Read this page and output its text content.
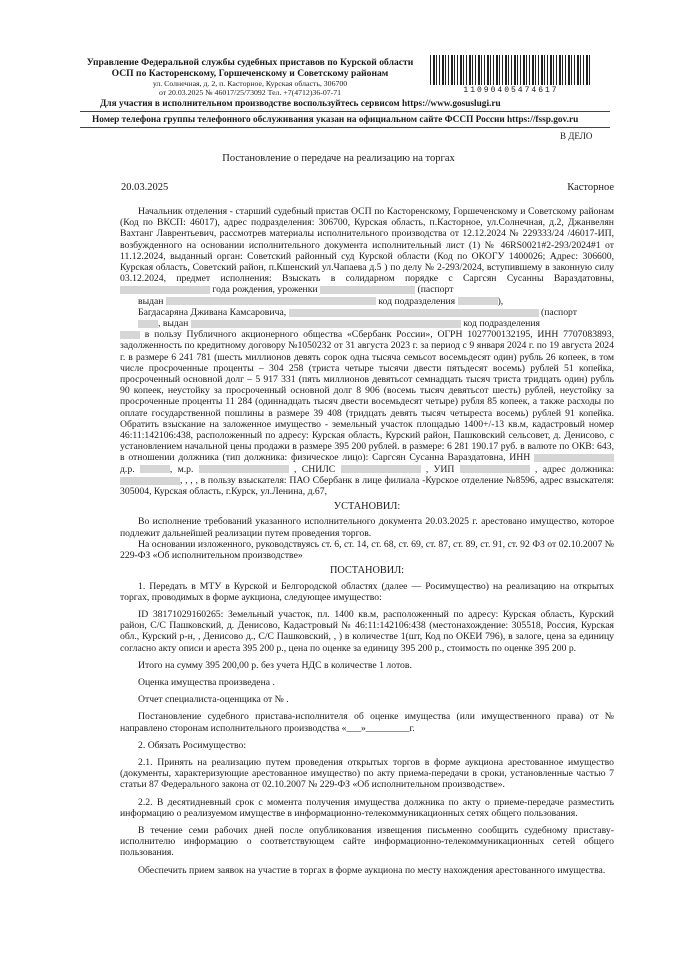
Управление Федеральной службы судебных приставов по Курской области
ОСП по Касторенскому, Горшеченскому и Советскому районам
ул. Солнечная, д. 2, п. Касторное, Курская область, 306700
от 20.03.2025 № 46017/25/73092 Тел. +7(4712)36-07-71	11090405474617
Для участия в исполнительном производстве воспользуйтесь сервисом https://www.gosuslugi.ru
Номер телефона группы телефонного обслуживания указан на официальном сайте ФССП России https://fssp.gov.ru
В ДЕЛО
Постановление о передаче на реализацию на торгах
20.03.2025	Касторное

Начальник отделения - старший судебный пристав ОСП по Касторенскому, Горшеченскому и Советскому районам (Код по ВКСП: 46017), адрес подразделения: 306700, Курская область, п.Касторное, ул.Солнечная, д.2, Джанвелян Вахтанг Лаврентьевич, рассмотрев материалы исполнительного производства от 12.12.2024 № 229333/24 /46017-ИП, возбужденного на основании исполнительного документа исполнительный лист (1) № 46RS0021#2-293/2024#1 от 11.12.2024, выданный орган: Советский районный суд Курской области (Код по ОКОГУ 1400026; Адрес: 306600, Курская область, Советский район, п.Кшенский ул.Чапаева д.5 ) по делу № 2-293/2024, вступившему в законную силу 03.12.2024, предмет исполнения: Взыскать в солидарном порядке с Саргсян Сусанны Вараздатовны,  года рождения, уроженки	(паспорт
выдан	код подразделения	),
Багдасаряна Дживана Камсаровича,	(паспорт
, выдан	код подразделения
в пользу Публичного акционерного общества «Сбербанк России», ОГРН 1027700132195, ИНН 7707083893, задолженность по кредитному договору №1050232 от 31 августа 2023 г. за период с 9 января 2024 г. по 19 августа 2024 г. в размере 6 241 781 (шесть миллионов девять сорок одна тысяча семьсот восемьдесят один) рубль 26 копеек, в том числе просроченные проценты – 304 258 (триста четыре тысячи двести пятьдесят восемь) рублей 51 копейка, просроченный основной долг – 5 917 331 (пять миллионов девятьсот семнадцать тысяч триста тридцать один) рубль 90 копеек, неустойку за просроченный основной долг 8 906 (восемь тысяч девятьсот шесть) рублей, неустойку за просроченные проценты 11 284 (одиннадцать тысяч двести восемьдесят четыре) рубля 85 копеек, а также расходы по оплате государственной пошлины в размере 39 408 (тридцать девять тысяч четыреста восемь) рублей 91 копейка. Обратить взыскание на заложенное имущество - земельный участок площадью 1400+/-13 кв.м, кадастровый номер 46:11:142106:438, расположенный по адресу: Курская область, Курский район, Пашковский сельсовет, д. Денисово, с установлением начальной цены продажи в размере 395 200 рублей. в размере: 6 281 190.17 руб. в валюте по ОКВ: 643, в отношении должника (тип должника: физическое лицо): Саргсян Сусанна Вараздатовна, ИНН  д.р.	, м.р.	, СНИЛС	, УИП	, адрес должника: , , , , в пользу взыскателя: ПАО Сбербанк в лице филиала -Курское отделение №8596, адрес взыскателя: 305004, Курская область, г.Курск, ул.Ленина, д.67,

УСТАНОВИЛ:

Во исполнение требований указанного исполнительного документа 20.03.2025 г. арестовано имущество, которое подлежит дальнейшей реализации путем проведения торгов.

На основании изложенного, руководствуясь ст. 6, ст. 14, ст. 68, ст. 69, ст. 87, ст. 89, ст. 91, ст. 92 ФЗ от 02.10.2007 № 229-ФЗ «Об исполнительном производстве»

ПОСТАНОВИЛ:

1. Передать в МТУ в Курской и Белгородской областях (далее — Росимущество) на реализацию на открытых торгах, проводимых в форме аукциона, следующее имущество:

ID 38171029160265: Земельный участок, пл. 1400 кв.м, расположенный по адресу: Курская область, Курский район, С/С Пашковский, д. Денисово, Кадастровый № 46:11:142106:438 (местонахождение: 305518, Россия, Курская обл., Курский р-н, , Денисово д., С/С Пашковский, , ) в количестве 1(шт, Код по ОКЕИ 796), в залоге, цена за единицу согласно акту описи и ареста 395 200 р., цена по оценке за единицу 395 200 р., стоимость по оценке 395 200 р.

Итого на сумму 395 200,00 р. без учета НДС в количестве 1 лотов.

Оценка имущества произведена .

Отчет специалиста-оценщика от № .

Постановление судебного пристава-исполнителя об оценке имущества (или имущественного права) от № направлено сторонам исполнительного производства «___»_________г.

2. Обязать Росимущество:

2.1. Принять на реализацию путем проведения открытых торгов в форме аукциона арестованное имущество (документы, характеризующие арестованное имущество) по акту приема-передачи в сроки, установленные частью 7 статьи 87 Федерального закона от 02.10.2007 № 229-ФЗ «Об исполнительном производстве».

2.2. В десятидневный срок с момента получения имущества должника по акту о приеме-передаче разместить информацию о реализуемом имуществе в информационно-телекоммуникационных сетях общего пользования.

В течение семи рабочих дней после опубликования извещения письменно сообщить судебному приставу-исполнителю информацию о соответствующем сайте информационно-телекоммуникационных сетей общего пользования.

Обеспечить прием заявок на участие в торгах в форме аукциона по месту нахождения арестованного имущества.
